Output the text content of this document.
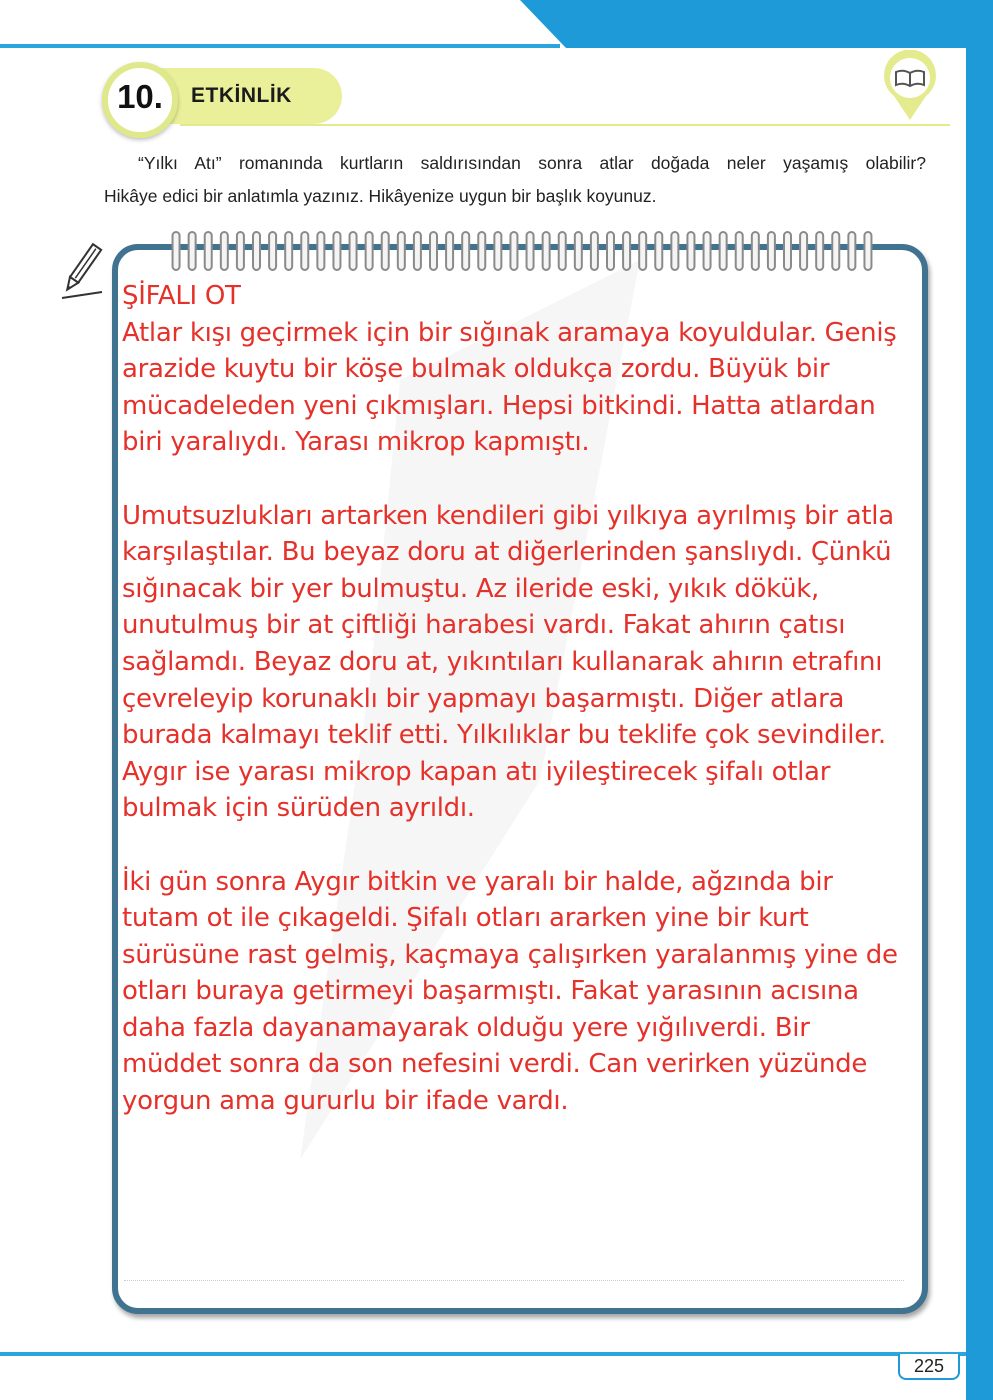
225
ETKİNLİK
10.
“Yılkı Atı” romanında kurtların saldırısından sonra atlar doğada neler yaşamış olabilir?
Hikâye edici bir anlatımla yazınız. Hikâyenize uygun bir başlık koyunuz.

ŞİFALI OT

Atlar kışı geçirmek için bir sığınak aramaya koyuldular. Geniş arazide kuytu bir köşe bulmak oldukça zordu. Büyük bir mücadeleden yeni çıkmışları. Hepsi bitkindi. Hatta atlardan biri yaralıydı. Yarası mikrop kapmıştı.

Umutsuzlukları artarken kendileri gibi yılkıya ayrılmış bir atla karşılaştılar. Bu beyaz doru at diğerlerinden şanslıydı. Çünkü sığınacak bir yer bulmuştu. Az ileride eski, yıkık dökük, unutulmuş bir at çiftliği harabesi vardı. Fakat ahırın çatısı sağlamdı. Beyaz doru at, yıkıntıları kullanarak ahırın etrafını çevreleyip korunaklı bir yapmayı başarmıştı. Diğer atlara burada kalmayı teklif etti. Yılkılıklar bu teklife çok sevindiler. Aygır ise yarası mikrop kapan atı iyileştirecek şifalı otlar bulmak için sürüden ayrıldı.

İki gün sonra Aygır bitkin ve yaralı bir halde, ağzında bir tutam ot ile çıkageldi. Şifalı otları ararken yine bir kurt sürüsüne rast gelmiş, kaçmaya çalışırken yaralanmış yine de otları buraya getirmeyi başarmıştı. Fakat yarasının acısına daha fazla dayanamayarak olduğu yere yığılıverdi. Bir müddet sonra da son nefesini verdi. Can verirken yüzünde yorgun ama gururlu bir ifade vardı.
